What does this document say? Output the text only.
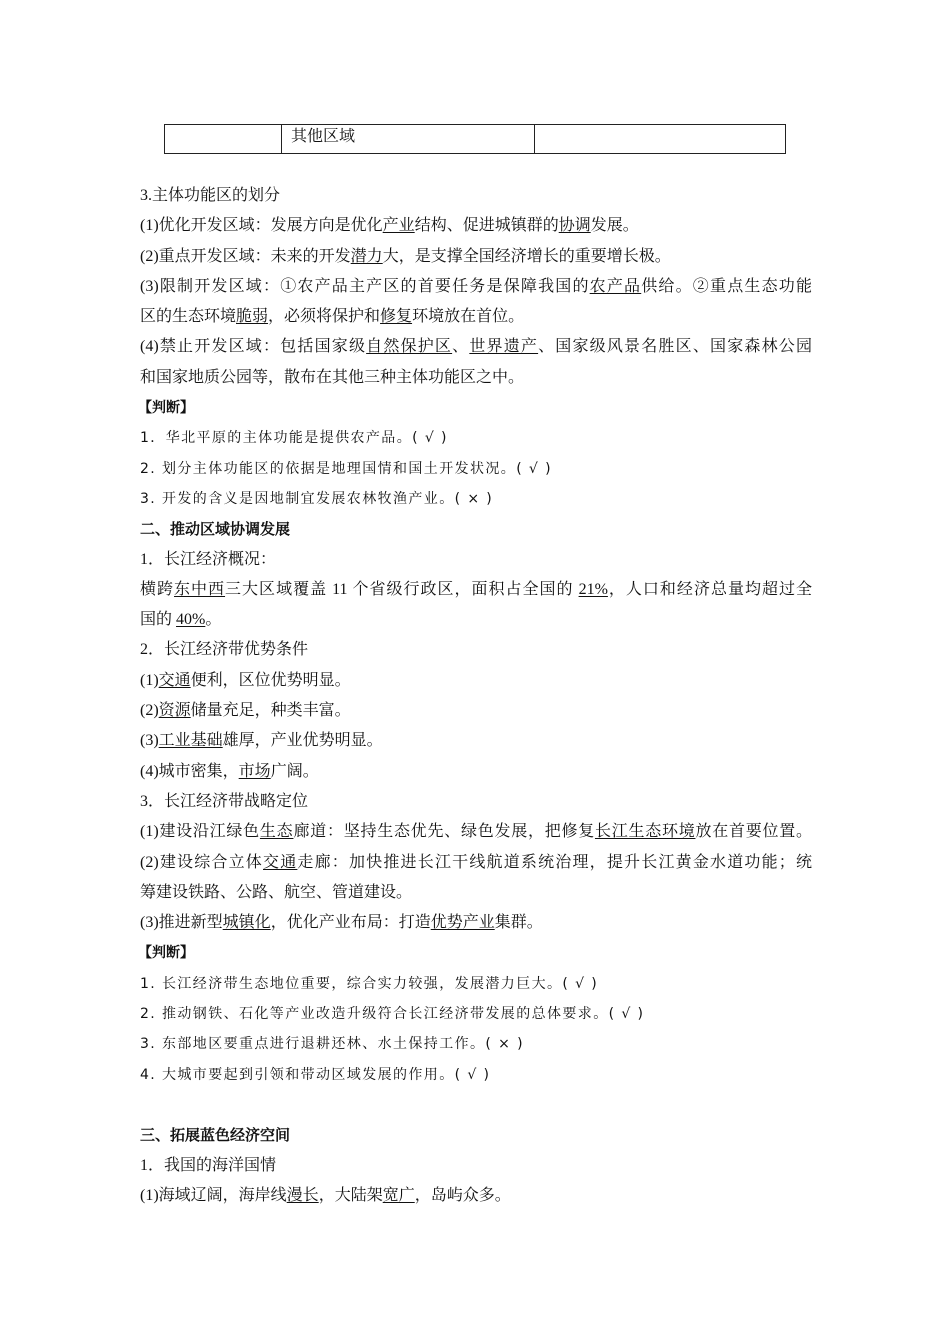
其他区域
3.主体功能区的划分
(1)优化开发区域：发展方向是优化产业结构、促进城镇群的协调发展。
(2)重点开发区域：未来的开发潜力大，是支撑全国经济增长的重要增长极。
(3)限制开发区域：①农产品主产区的首要任务是保障我国的农产品供给。②重点生态功能
区的生态环境脆弱，必须将保护和修复环境放在首位。
(4)禁止开发区域：包括国家级自然保护区、世界遗产、国家级风景名胜区、国家森林公园
和国家地质公园等，散布在其他三种主体功能区之中。
【判断】
1．华北平原的主体功能是提供农产品。( √ )
2. 划分主体功能区的依据是地理国情和国土开发状况。( √ )
3. 开发的含义是因地制宜发展农林牧渔产业。( × )
二、推动区域协调发展
1．长江经济概况：
横跨东中西三大区域覆盖 11 个省级行政区，面积占全国的 21%，人口和经济总量均超过全
国的 40%。
2．长江经济带优势条件
(1)交通便利，区位优势明显。
(2)资源储量充足，种类丰富。
(3)工业基础雄厚，产业优势明显。
(4)城市密集，市场广阔。
3．长江经济带战略定位
(1)建设沿江绿色生态廊道：坚持生态优先、绿色发展，把修复长江生态环境放在首要位置。
(2)建设综合立体交通走廊：加快推进长江干线航道系统治理，提升长江黄金水道功能；统
筹建设铁路、公路、航空、管道建设。
(3)推进新型城镇化，优化产业布局：打造优势产业集群。
【判断】
1. 长江经济带生态地位重要，综合实力较强，发展潜力巨大。( √ )
2. 推动钢铁、石化等产业改造升级符合长江经济带发展的总体要求。( √ )
3. 东部地区要重点进行退耕还林、水土保持工作。( × )
4. 大城市要起到引领和带动区域发展的作用。( √ )
三、拓展蓝色经济空间
1．我国的海洋国情
(1)海域辽阔，海岸线漫长，大陆架宽广，岛屿众多。
